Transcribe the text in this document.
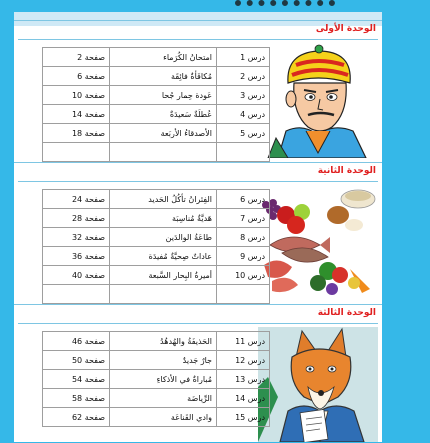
الوحدة الأولى
صفحة 2	امتحانُ الكُرَماء	درس 1
صفحة 6	مُكافَأةٌ فائِقَة	درس 2
صفحة 10	عَودة حِمار جُحا	درس 3
صفحة 14	عُطلَةٌ سَعيدَةٌ	درس 4
صفحة 18	الأصدقاءُ الأربَعة	درس 5

الوحدة الثانية
صفحة 24	الفِئرانُ تأكُلُ الحَديد	درس 6
صفحة 28	هَديَّةٌ مُناسِبَة	درس 7
صفحة 32	طاعَةُ الوالدَين	درس 8
صفحة 36	عاداتٌ صِحيَّةٌ مُفيدَة	درس 9
صفحة 40	أميرةُ البِحار السَّبعة	درس 10

الوحدة الثالثة
صفحة 46	الحَذيفَةُ والهُدهُدُ	درس 11
صفحة 50	جارٌ جَديدٌ	درس 12
صفحة 54	مُباراةٌ في الأذكاءِ	درس 13
صفحة 58	الرِّياضَة	درس 14
صفحة 62	وادي القَناعَة	درس 15
